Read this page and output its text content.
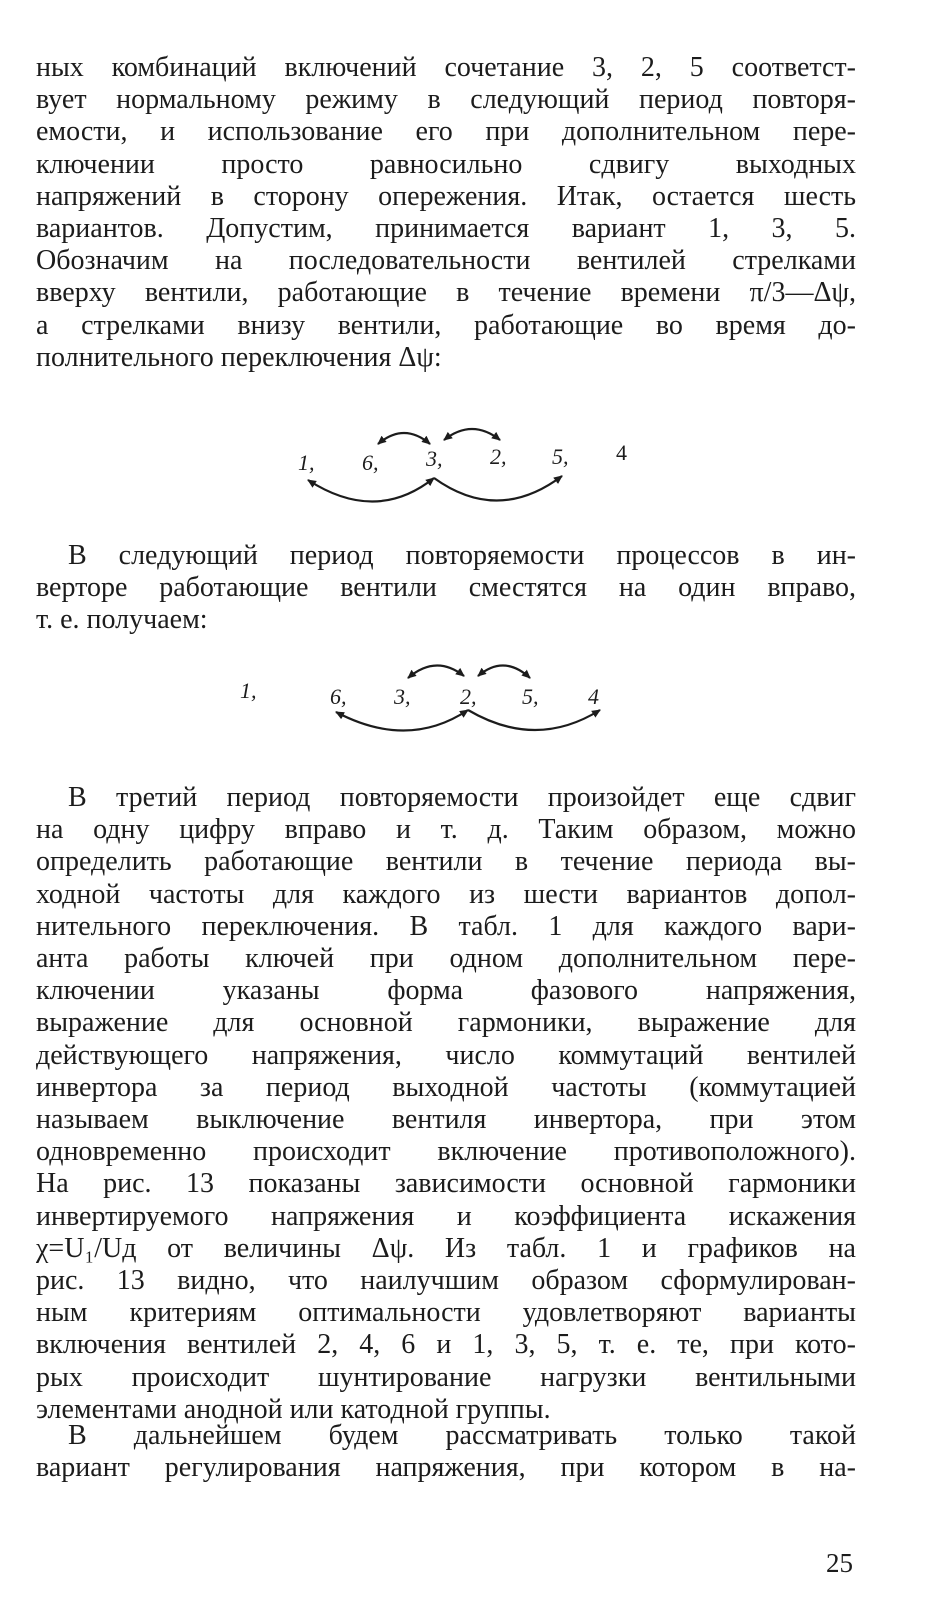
ных комбинаций включений сочетание 3, 2, 5 соответст-
вует нормальному режиму в следующий период повторя-
емости, и использование его при дополнительном пере-
ключении просто равносильно сдвигу выходных
напряжений в сторону опережения. Итак, остается шесть
вариантов. Допустим, принимается вариант 1, 3, 5.
Обозначим на последовательности вентилей стрелками
вверху вентили, работающие в течение времени π/3—Δψ,
а стрелками внизу вентили, работающие во время до-
полнительного переключения Δψ:
1, 6, 3, 2, 5, 4
В следующий период повторяемости процессов в ин-
верторе работающие вентили сместятся на один вправо,
т. е. получаем:
1,	6, 3, 2, 5, 4
В третий период повторяемости произойдет еще сдвиг
на одну цифру вправо и т. д. Таким образом, можно
определить работающие вентили в течение периода вы-
ходной частоты для каждого из шести вариантов допол-
нительного переключения. В табл. 1 для каждого вари-
анта работы ключей при одном дополнительном пере-
ключении указаны форма фазового напряжения,
выражение для основной гармоники, выражение для
действующего напряжения, число коммутаций вентилей
инвертора за период выходной частоты (коммутацией
называем выключение вентиля инвертора, при этом
одновременно происходит включение противоположного).
На рис. 13 показаны зависимости основной гармоники
инвертируемого напряжения и коэффициента искажения
χ=U₁/Uд от величины Δψ. Из табл. 1 и графиков на
рис. 13 видно, что наилучшим образом сформулирован-
ным критериям оптимальности удовлетворяют варианты
включения вентилей 2, 4, 6 и 1, 3, 5, т. е. те, при кото-
рых происходит шунтирование нагрузки вентильными
элементами анодной или катодной группы.
В дальнейшем будем рассматривать только такой
вариант регулирования напряжения, при котором в на-
25
